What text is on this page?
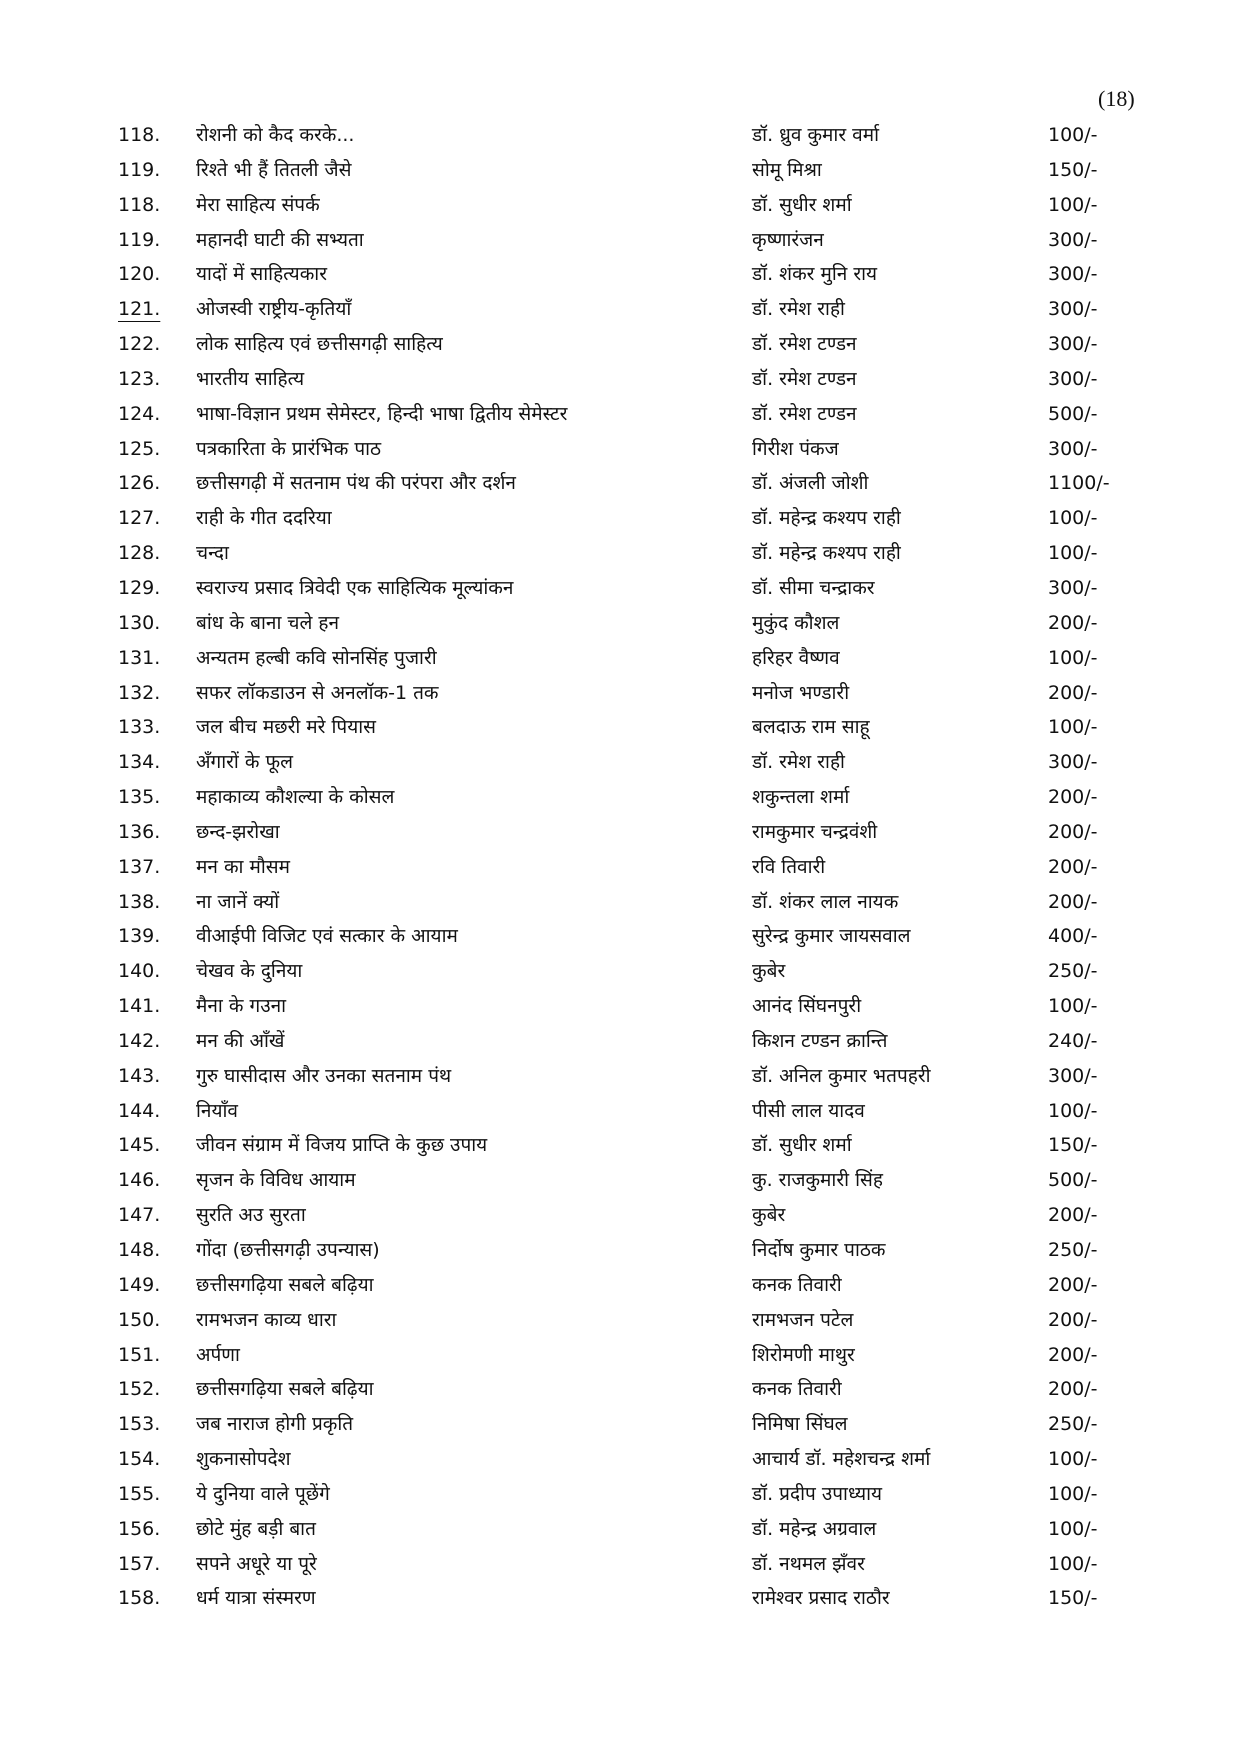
(18)
118. रोशनी को कैद करके...	डॉ. ध्रुव कुमार वर्मा	100/-
119. रिश्ते भी हैं तितली जैसे	सोमू मिश्रा	150/-
118. मेरा साहित्य संपर्क	डॉ. सुधीर शर्मा	100/-
119. महानदी घाटी की सभ्यता	कृष्णारंजन	300/-
120. यादों में साहित्यकार	डॉ. शंकर मुनि राय	300/-
121. ओजस्वी राष्ट्रीय-कृतियाँ	डॉ. रमेश राही	300/-
122. लोक साहित्य एवं छत्तीसगढ़ी साहित्य	डॉ. रमेश टण्डन	300/-
123. भारतीय साहित्य	डॉ. रमेश टण्डन	300/-
124. भाषा-विज्ञान प्रथम सेमेस्टर, हिन्दी भाषा द्वितीय सेमेस्टर	डॉ. रमेश टण्डन	500/-
125. पत्रकारिता के प्रारंभिक पाठ	गिरीश पंकज	300/-
126. छत्तीसगढ़ी में सतनाम पंथ की परंपरा और दर्शन	डॉ. अंजली जोशी	1100/-
127. राही के गीत ददरिया	डॉ. महेन्द्र कश्यप राही	100/-
128. चन्दा	डॉ. महेन्द्र कश्यप राही	100/-
129. स्वराज्य प्रसाद त्रिवेदी एक साहित्यिक मूल्यांकन	डॉ. सीमा चन्द्राकर	300/-
130. बांध के बाना चले हन	मुकुंद कौशल	200/-
131. अन्यतम हल्बी कवि सोनसिंह पुजारी	हरिहर वैष्णव	100/-
132. सफर लॉकडाउन से अनलॉक-1 तक	मनोज भण्डारी	200/-
133. जल बीच मछरी मरे पियास	बलदाऊ राम साहू	100/-
134. अँगारों के फूल	डॉ. रमेश राही	300/-
135. महाकाव्य कौशल्या के कोसल	शकुन्तला शर्मा	200/-
136. छन्द-झरोखा	रामकुमार चन्द्रवंशी	200/-
137. मन का मौसम	रवि तिवारी	200/-
138. ना जानें क्यों	डॉ. शंकर लाल नायक	200/-
139. वीआईपी विजिट एवं सत्कार के आयाम	सुरेन्द्र कुमार जायसवाल	400/-
140. चेखव के दुनिया	कुबेर	250/-
141. मैना के गउना	आनंद सिंघनपुरी	100/-
142. मन की आँखें	किशन टण्डन क्रान्ति	240/-
143. गुरु घासीदास और उनका सतनाम पंथ	डॉ. अनिल कुमार भतपहरी	300/-
144. नियाँव	पीसी लाल यादव	100/-
145. जीवन संग्राम में विजय प्राप्ति के कुछ उपाय	डॉ. सुधीर शर्मा	150/-
146. सृजन के विविध आयाम	कु. राजकुमारी सिंह	500/-
147. सुरति अउ सुरता	कुबेर	200/-
148. गोंदा (छत्तीसगढ़ी उपन्यास)	निर्दोष कुमार पाठक	250/-
149. छत्तीसगढ़िया सबले बढ़िया	कनक तिवारी	200/-
150. रामभजन काव्य धारा	रामभजन पटेल	200/-
151. अर्पणा	शिरोमणी माथुर	200/-
152. छत्तीसगढ़िया सबले बढ़िया	कनक तिवारी	200/-
153. जब नाराज होगी प्रकृति	निमिषा सिंघल	250/-
154. शुकनासोपदेश	आचार्य डॉ. महेशचन्द्र शर्मा	100/-
155. ये दुनिया वाले पूछेंगे	डॉ. प्रदीप उपाध्याय	100/-
156. छोटे मुंह बड़ी बात	डॉ. महेन्द्र अग्रवाल	100/-
157. सपने अधूरे या पूरे	डॉ. नथमल झँवर	100/-
158. धर्म यात्रा संस्मरण	रामेश्वर प्रसाद राठौर	150/-
